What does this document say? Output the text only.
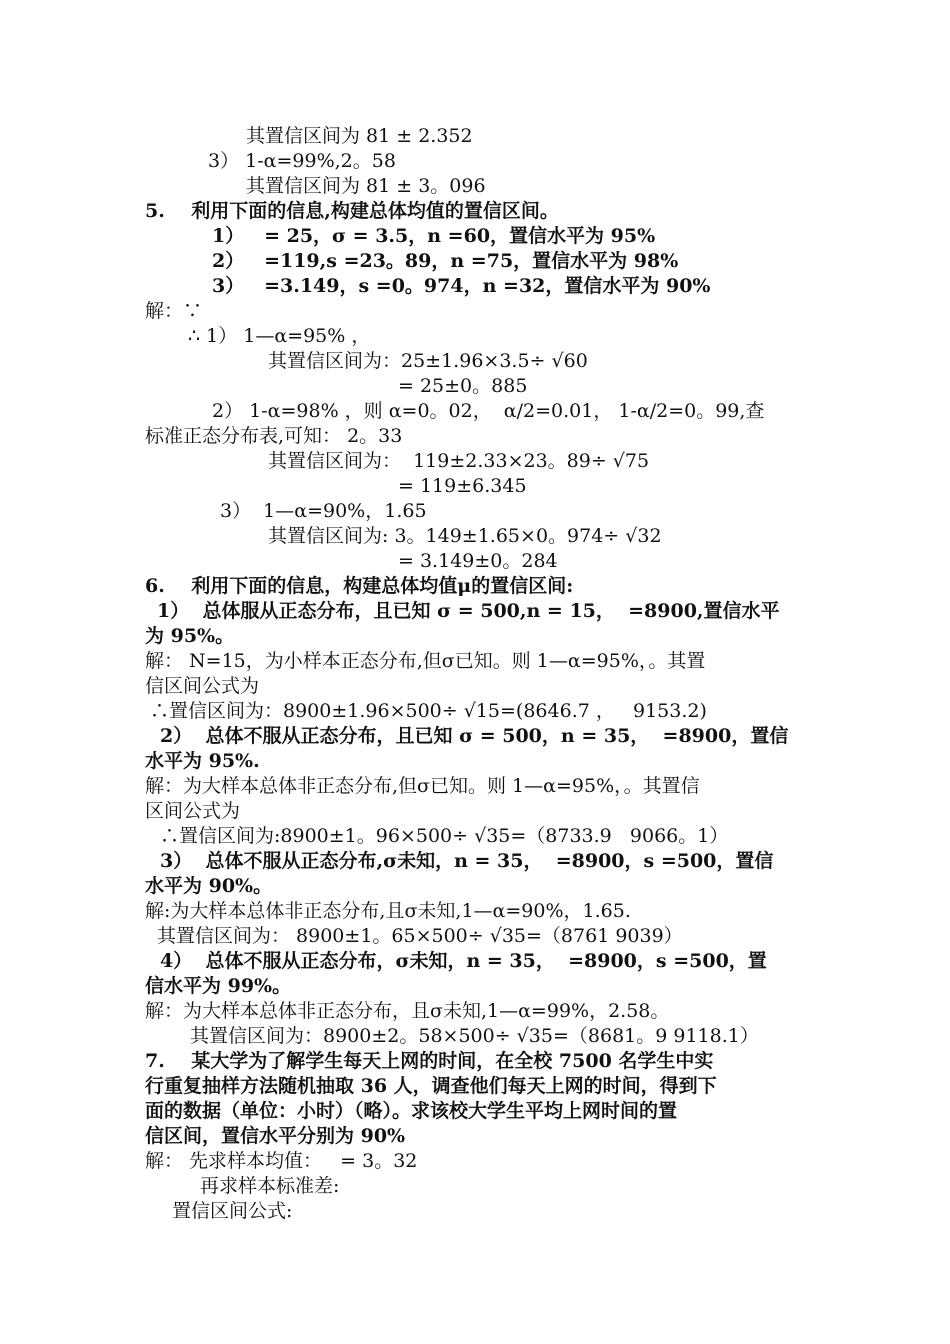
其置信区间为 81 ± 2.352
3） 1-α=99%,2。58
其置信区间为 81 ± 3。096
5.    利用下面的信息,构建总体均值的置信区间。
1）   = 25，σ = 3.5，n =60，置信水平为 95%
2）   =119,s =23。89，n =75，置信水平为 98%
3）   =3.149，s =0。974，n =32，置信水平为 90%
解：∵
∴ 1） 1—α=95% ，
其置信区间为：25±1.96×3.5÷ √60
= 25±0。885
2） 1-α=98% ，则 α=0。02，  α/2=0.01， 1-α/2=0。99,查
标准正态分布表,可知： 2。33
其置信区间为：  119±2.33×23。89÷ √75
= 119±6.345
3）  1—α=90%，1.65
其置信区间为: 3。149±1.65×0。974÷ √32
= 3.149±0。284
6.    利用下面的信息，构建总体均值μ的置信区间:
1）  总体服从正态分布，且已知 σ = 500,n = 15，  =8900,置信水平
为 95%。
解： N=15，为小样本正态分布,但σ已知。则 1—α=95%，。其置
信区间公式为
∴置信区间为：8900±1.96×500÷ √15=(8646.7 ，   9153.2)
2）  总体不服从正态分布，且已知 σ = 500，n = 35，  =8900，置信
水平为 95%.
解：为大样本总体非正态分布,但σ已知。则 1—α=95%，。其置信
区间公式为
∴置信区间为:8900±1。96×500÷ √35=（8733.9   9066。1）
3）  总体不服从正态分布,σ未知，n = 35，  =8900，s =500，置信
水平为 90%。
解:为大样本总体非正态分布,且σ未知,1—α=90%，1.65.
其置信区间为： 8900±1。65×500÷ √35=（8761 9039）
4）  总体不服从正态分布，σ未知，n = 35，  =8900，s =500，置
信水平为 99%。
解：为大样本总体非正态分布，且σ未知,1—α=99%，2.58。
其置信区间为：8900±2。58×500÷ √35=（8681。9 9118.1）
7.    某大学为了解学生每天上网的时间，在全校 7500 名学生中实
行重复抽样方法随机抽取 36 人，调查他们每天上网的时间，得到下
面的数据（单位：小时）（略）。求该校大学生平均上网时间的置
信区间，置信水平分别为 90%
解： 先求样本均值：   = 3。32
再求样本标准差:
置信区间公式:
